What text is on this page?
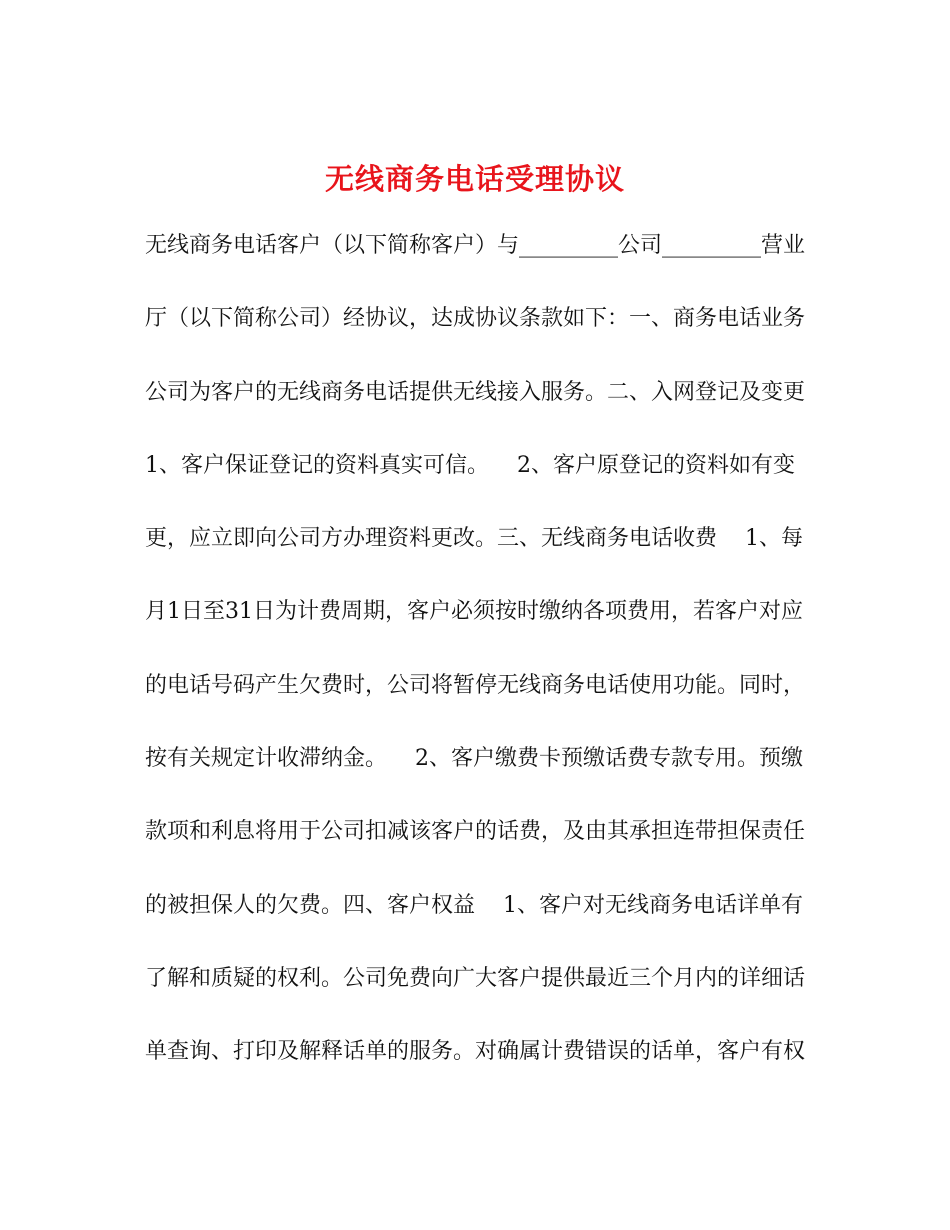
无线商务电话受理协议
无线商务电话客户（以下简称客户）与_________公司_________营业
厅（以下简称公司）经协议，达成协议条款如下：一、商务电话业务
公司为客户的无线商务电话提供无线接入服务。二、入网登记及变更
1、客户保证登记的资料真实可信。    2、客户原登记的资料如有变
更，应立即向公司方办理资料更改。三、无线商务电话收费    1、每
月1日至31日为计费周期，客户必须按时缴纳各项费用，若客户对应
的电话号码产生欠费时，公司将暂停无线商务电话使用功能。同时，
按有关规定计收滞纳金。    2、客户缴费卡预缴话费专款专用。预缴
款项和利息将用于公司扣减该客户的话费，及由其承担连带担保责任
的被担保人的欠费。四、客户权益    1、客户对无线商务电话详单有
了解和质疑的权利。公司免费向广大客户提供最近三个月内的详细话
单查询、打印及解释话单的服务。对确属计费错误的话单，客户有权
